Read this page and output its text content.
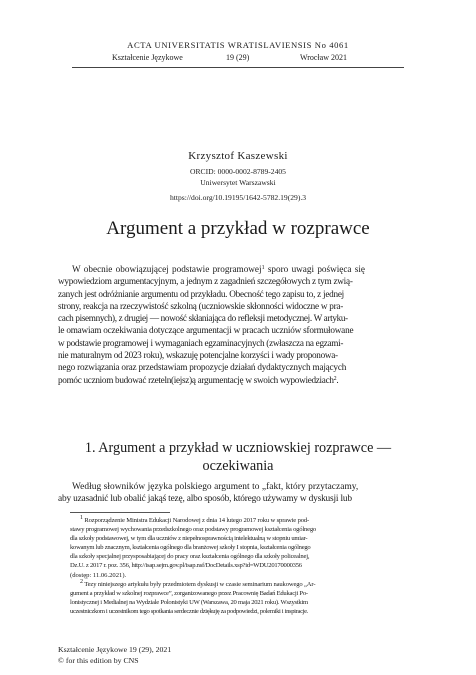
ACTA UNIVERSITATIS WRATISLAVIENSIS No 4061
Kształcenie Językowe	19 (29)	Wrocław 2021
Krzysztof Kaszewski
ORCID: 0000-0002-8789-2405
Uniwersytet Warszawski
https://doi.org/10.19195/1642-5782.19(29).3
Argument a przykład w rozprawce
W obecnie obowiązującej podstawie programowej$^1$ sporo uwagi poświęca się
wypowiedziom argumentacyjnym, a jednym z zagadnień szczegółowych z tym zwią-
zanych jest odróżnianie argumentu od przykładu. Obecność tego zapisu to, z jednej
strony, reakcja na rzeczywistość szkolną (uczniowskie skłonności widoczne w pra-
cach pisemnych), z drugiej — nowość skłaniająca do refleksji metodycznej. W artyku-
le omawiam oczekiwania dotyczące argumentacji w pracach uczniów sformułowane
w podstawie programowej i wymaganiach egzaminacyjnych (zwłaszcza na egzami-
nie maturalnym od 2023 roku), wskazuję potencjalne korzyści i wady proponowa-
nego rozwiązania oraz przedstawiam propozycje działań dydaktycznych mających
pomóc uczniom budować rzeteln(iejsz)ą argumentację w swoich wypowiedziach$^2$.
1. Argument a przykład w uczniowskiej rozprawce —
oczekiwania
Według słowników języka polskiego argument to „fakt, który przytaczamy,
aby uzasadnić lub obalić jakąś tezę, albo sposób, którego używamy w dyskusji lub
$^1$ Rozporządzenie Ministra Edukacji Narodowej z dnia 14 lutego 2017 roku w sprawie pod-
stawy programowej wychowania przedszkolnego oraz podstawy programowej kształcenia ogólnego
dla szkoły podstawowej, w tym dla uczniów z niepełnosprawnością intelektualną w stopniu umiar-
kowanym lub znacznym, kształcenia ogólnego dla branżowej szkoły I stopnia, kształcenia ogólnego
dla szkoły specjalnej przysposabiającej do pracy oraz kształcenia ogólnego dla szkoły policealnej,
Dz.U. z 2017 r. poz. 356, http://isap.sejm.gov.pl/isap.nsf/DocDetails.xsp?id=WDU20170000356
(dostęp: 11.06.2021).
$^2$ Tezy niniejszego artykułu były przedmiotem dyskusji w czasie seminarium naukowego „Ar-
gument a przykład w szkolnej rozprawce”, zorganizowanego przez Pracownię Badań Edukacji Po-
lonistycznej i Medialnej na Wydziale Polonistyki UW (Warszawa, 20 maja 2021 roku). Wszystkim
uczestniczkom i uczestnikom tego spotkania serdecznie dziękuję za podpowiedzi, polemiki i inspiracje.
Kształcenie Językowe 19 (29), 2021
© for this edition by CNS
